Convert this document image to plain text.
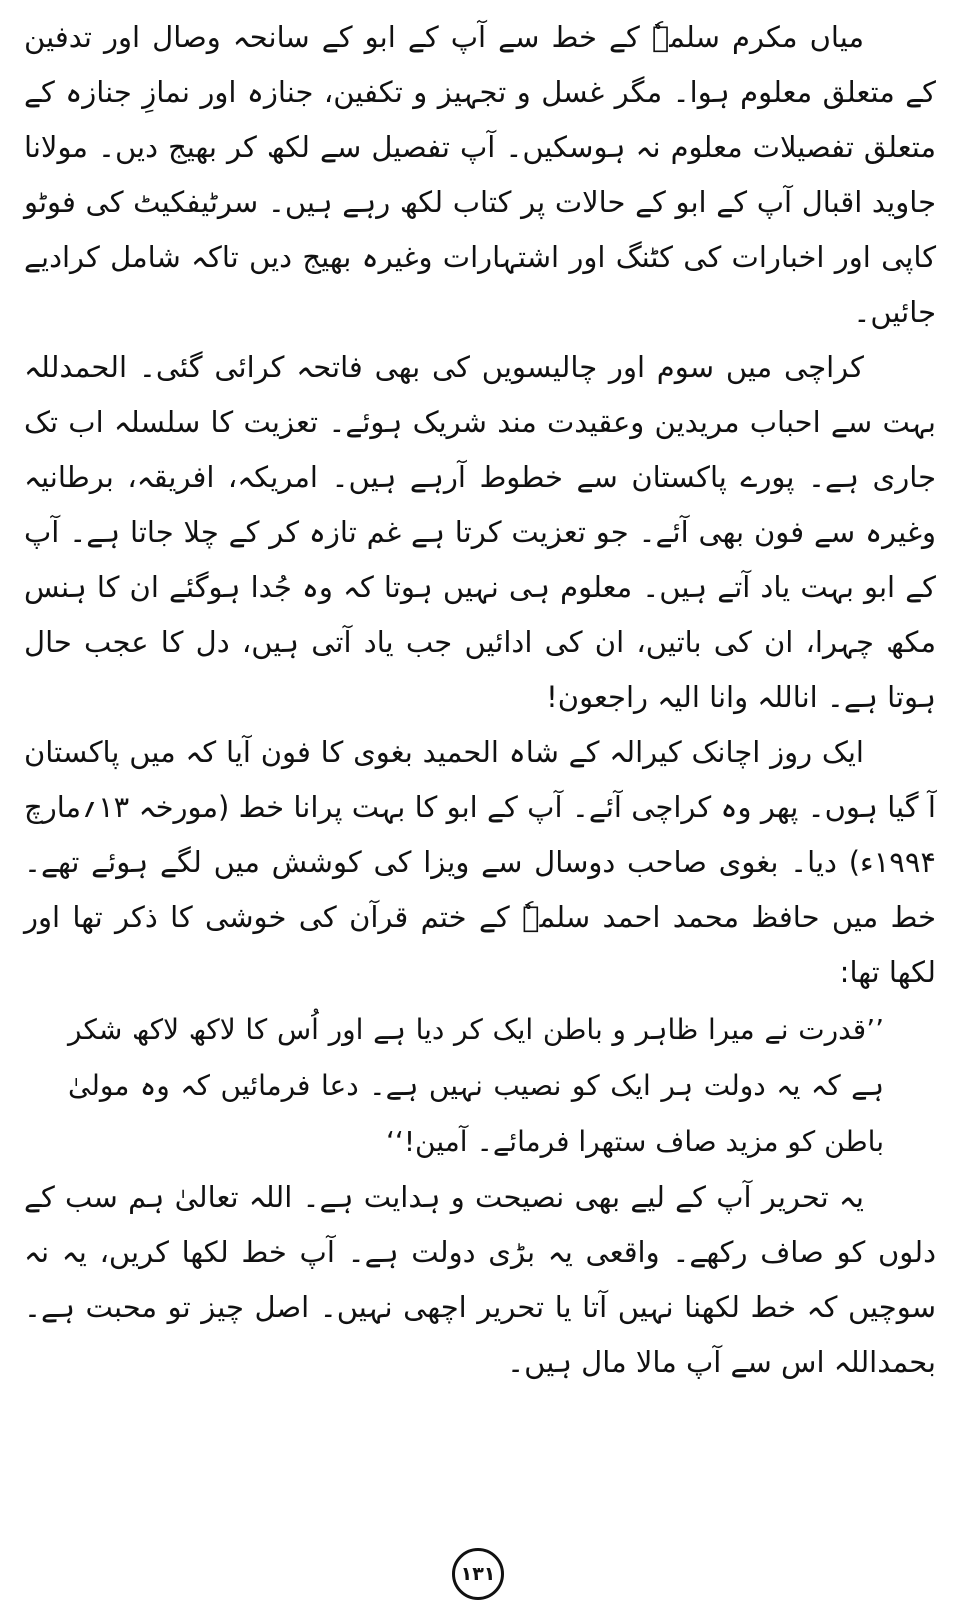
میاں مکرم سلمہٗ کے خط سے آپ کے ابو کے سانحہ وصال اور تدفین کے متعلق معلوم ہوا۔ مگر غسل و تجہیز و تکفین، جنازہ اور نمازِ جنازہ کے متعلق تفصیلات معلوم نہ ہوسکیں۔ آپ تفصیل سے لکھ کر بھیج دیں۔ مولانا جاوید اقبال آپ کے ابو کے حالات پر کتاب لکھ رہے ہیں۔ سرٹیفکیٹ کی فوٹو کاپی اور اخبارات کی کٹنگ اور اشتہارات وغیرہ بھیج دیں تاکہ شامل کرادیے جائیں۔

کراچی میں سوم اور چالیسویں کی بھی فاتحہ کرائی گئی۔ الحمدللہ بہت سے احباب مریدین وعقیدت مند شریک ہوئے۔ تعزیت کا سلسلہ اب تک جاری ہے۔ پورے پاکستان سے خطوط آرہے ہیں۔ امریکہ، افریقہ، برطانیہ وغیرہ سے فون بھی آئے۔ جو تعزیت کرتا ہے غم تازہ کر کے چلا جاتا ہے۔ آپ کے ابو بہت یاد آتے ہیں۔ معلوم ہی نہیں ہوتا کہ وہ جُدا ہوگئے ان کا ہنس مکھ چہرا، ان کی باتیں، ان کی ادائیں جب یاد آتی ہیں، دل کا عجب حال ہوتا ہے۔ اناللہ وانا الیہ راجعون!

ایک روز اچانک کیرالہ کے شاہ الحمید بغوی کا فون آیا کہ میں پاکستان آ گیا ہوں۔ پھر وہ کراچی آئے۔ آپ کے ابو کا بہت پرانا خط (مورخہ ۱۳؍مارچ ۱۹۹۴ء) دیا۔ بغوی صاحب دوسال سے ویزا کی کوشش میں لگے ہوئے تھے۔ خط میں حافظ محمد احمد سلمہٗ کے ختم قرآن کی خوشی کا ذکر تھا اور لکھا تھا:

’’قدرت نے میرا ظاہر و باطن ایک کر دیا ہے اور اُس کا لاکھ لاکھ شکر ہے کہ یہ دولت ہر ایک کو نصیب نہیں ہے۔ دعا فرمائیں کہ وہ مولیٰ باطن کو مزید صاف ستھرا فرمائے۔ آمین!‘‘

یہ تحریر آپ کے لیے بھی نصیحت و ہدایت ہے۔ اللہ تعالیٰ ہم سب کے دلوں کو صاف رکھے۔ واقعی یہ بڑی دولت ہے۔ آپ خط لکھا کریں، یہ نہ سوچیں کہ خط لکھنا نہیں آتا یا تحریر اچھی نہیں۔ اصل چیز تو محبت ہے۔ بحمداللہ اس سے آپ مالا مال ہیں۔

۱۳۱
